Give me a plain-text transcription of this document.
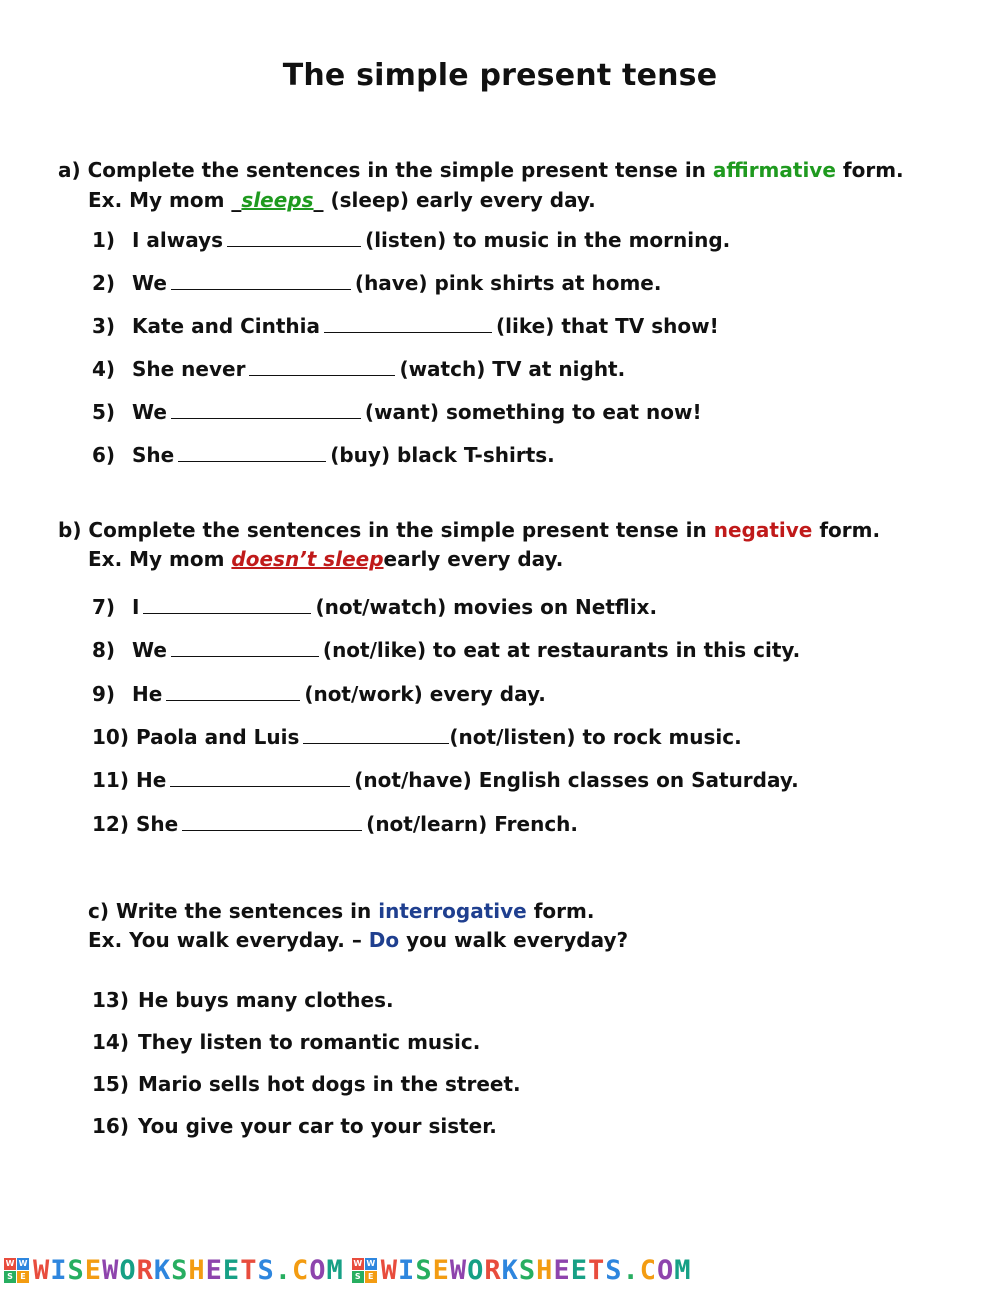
The simple present tense
a) Complete the sentences in the simple present tense in affirmative form.
Ex. My mom _sleeps_ (sleep) early every day.
1) I always	(listen) to music in the morning.
2) We	(have) pink shirts at home.
3) Kate and Cinthia	(like) that TV show!
4) She never	(watch) TV at night.
5) We	(want) something to eat now!
6) She	(buy) black T-shirts.
b) Complete the sentences in the simple present tense in negative form.
Ex. My mom doesn’t sleepearly every day.
7) I	(not/watch) movies on Netflix.
8) We	(not/like) to eat at restaurants in this city.
9) He	(not/work) every day.
10) Paola and Luis	(not/listen) to rock music.
11) He	(not/have) English classes on Saturday.
12) She	(not/learn) French.
c) Write the sentences in interrogative form.
Ex. You walk everyday. – Do you walk everyday?
13) He buys many clothes.
14) They listen to romantic music.
15) Mario sells hot dogs in the street.
16) You give your car to your sister.
W W
S E WISEWORKSHEETS.COM W W
S E WISEWORKSHEETS.COM
